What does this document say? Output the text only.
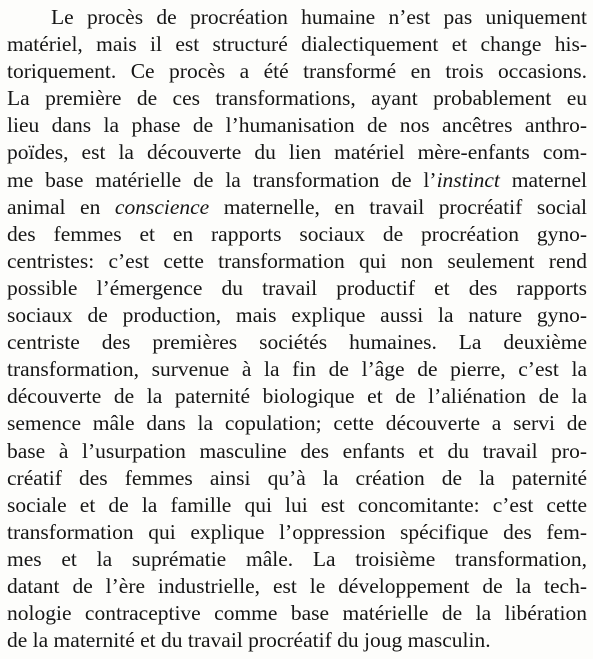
Le procès de procréation humaine n’est pas uniquement
matériel, mais il est structuré dialectiquement et change his-
toriquement. Ce procès a été transformé en trois occasions.
La première de ces transformations, ayant probablement eu
lieu dans la phase de l’humanisation de nos ancêtres anthro-
poïdes, est la découverte du lien matériel mère-enfants com-
me base matérielle de la transformation de l’instinct maternel
animal en conscience maternelle, en travail procréatif social
des femmes et en rapports sociaux de procréation gyno-
centristes: c’est cette transformation qui non seulement rend
possible l’émergence du travail productif et des rapports
sociaux de production, mais explique aussi la nature gyno-
centriste des premières sociétés humaines. La deuxième
transformation, survenue à la fin de l’âge de pierre, c’est la
découverte de la paternité biologique et de l’aliénation de la
semence mâle dans la copulation; cette découverte a servi de
base à l’usurpation masculine des enfants et du travail pro-
créatif des femmes ainsi qu’à la création de la paternité
sociale et de la famille qui lui est concomitante: c’est cette
transformation qui explique l’oppression spécifique des fem-
mes et la suprématie mâle. La troisième transformation,
datant de l’ère industrielle, est le développement de la tech-
nologie contraceptive comme base matérielle de la libération
de la maternité et du travail procréatif du joug masculin.
